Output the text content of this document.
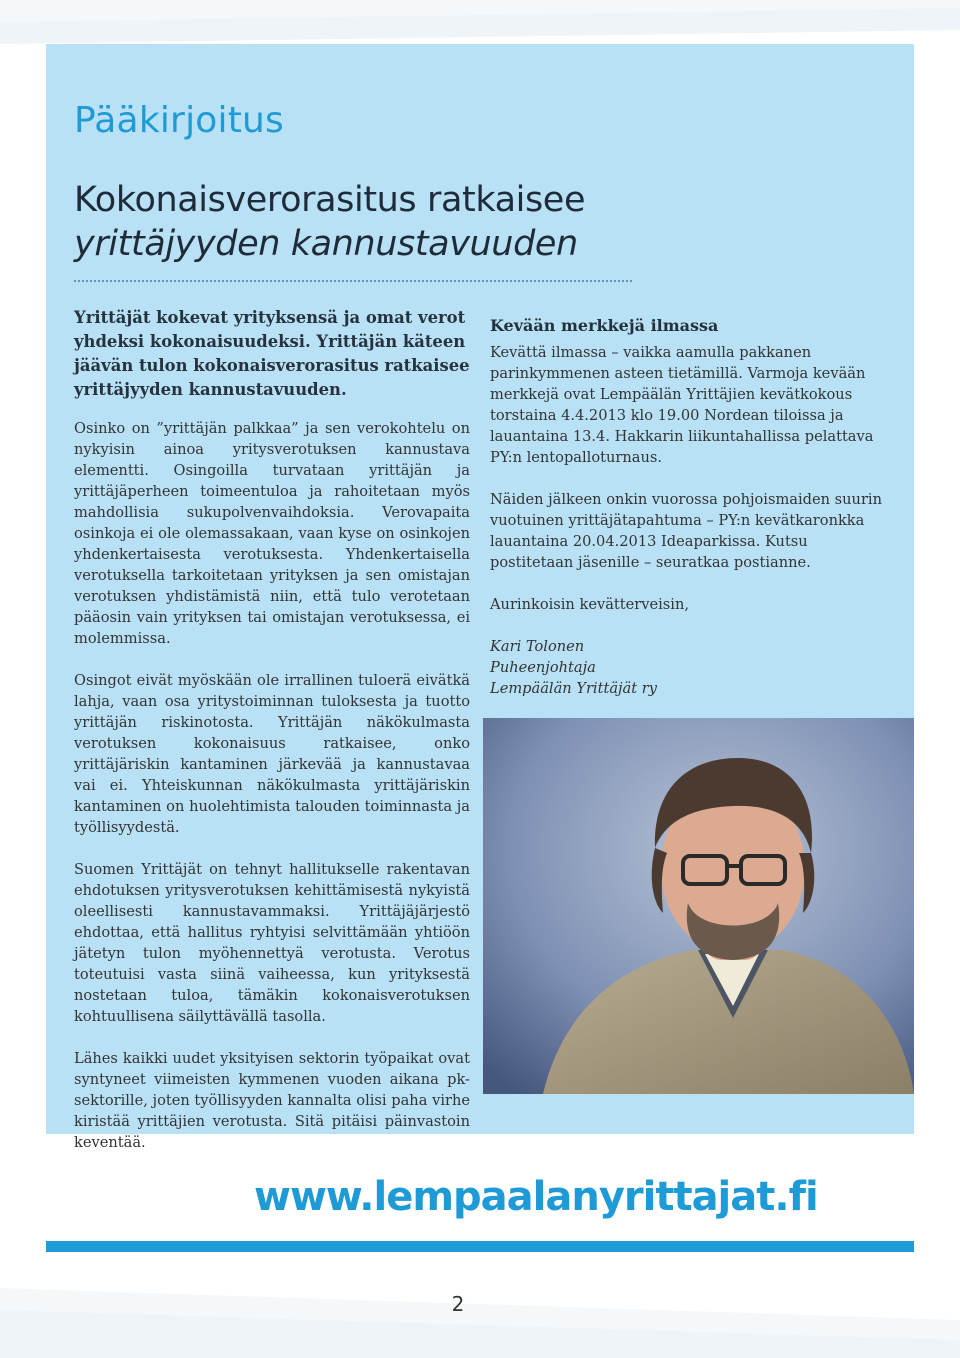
Pääkirjoitus
Kokonaisverorasitus ratkaisee
yrittäjyyden kannustavuuden

Yrittäjät kokevat yrityksensä ja omat verot yhdeksi kokonaisuudeksi. Yrittäjän käteen jäävän tulon kokonaisverorasitus ratkaisee yrittäjyyden kannustavuuden.

Osinko on ”yrittäjän palkkaa” ja sen verokohtelu on nykyisin ainoa yritysverotuksen kannustava elementti. Osingoilla turvataan yrittäjän ja yrittäjäperheen toimeentuloa ja rahoitetaan myös mahdollisia sukupolvenvaihdoksia. Verovapaita osinkoja ei ole olemassakaan, vaan kyse on osinkojen yhdenkertaisesta verotuksesta. Yhdenkertaisella verotuksella tarkoitetaan yrityksen ja sen omistajan verotuksen yhdistämistä niin, että tulo verotetaan pääosin vain yrityksen tai omistajan verotuksessa, ei molemmissa.

Osingot eivät myöskään ole irrallinen tuloerä eivätkä lahja, vaan osa yritystoiminnan tuloksesta ja tuotto yrittäjän riskinotosta. Yrittäjän näkökulmasta verotuksen kokonaisuus ratkaisee, onko yrittäjäriskin kantaminen järkevää ja kannustavaa vai ei. Yhteiskunnan näkökulmasta yrittäjäriskin kantaminen on huolehtimista talouden toiminnasta ja työllisyydestä.

Suomen Yrittäjät on tehnyt hallitukselle rakentavan ehdotuksen yritysverotuksen kehittämisestä nykyistä oleellisesti kannustavammaksi. Yrittäjäjärjestö ehdottaa, että hallitus ryhtyisi selvittämään yhtiöön jätetyn tulon myöhennettyä verotusta. Verotus toteutuisi vasta siinä vaiheessa, kun yrityksestä nostetaan tuloa, tämäkin kokonaisverotuksen kohtuullisena säilyttävällä tasolla.

Lähes kaikki uudet yksityisen sektorin työpaikat ovat syntyneet viimeisten kymmenen vuoden aikana pk-sektorille, joten työllisyyden kannalta olisi paha virhe kiristää yrittäjien verotusta. Sitä pitäisi päinvastoin keventää.

Kevään merkkejä ilmassa

Kevättä ilmassa – vaikka aamulla pakkanen parinkymmenen asteen tietämillä. Varmoja kevään merkkejä ovat Lempäälän Yrittäjien kevätkokous torstaina 4.4.2013 klo 19.00 Nordean tiloissa ja lauantaina 13.4. Hakkarin liikuntahallissa pelattava PY:n lentopalloturnaus.

Näiden jälkeen onkin vuorossa pohjoismaiden suurin vuotuinen yrittäjätapahtuma – PY:n kevätkaronkka lauantaina 20.04.2013 Ideaparkissa. Kutsu postitetaan jäsenille – seuratkaa postianne.

Aurinkoisin kevätterveisin,

Kari Tolonen
Puheenjohtaja
Lempäälän Yrittäjät ry

www.lempaalanyrittajat.fi

2
